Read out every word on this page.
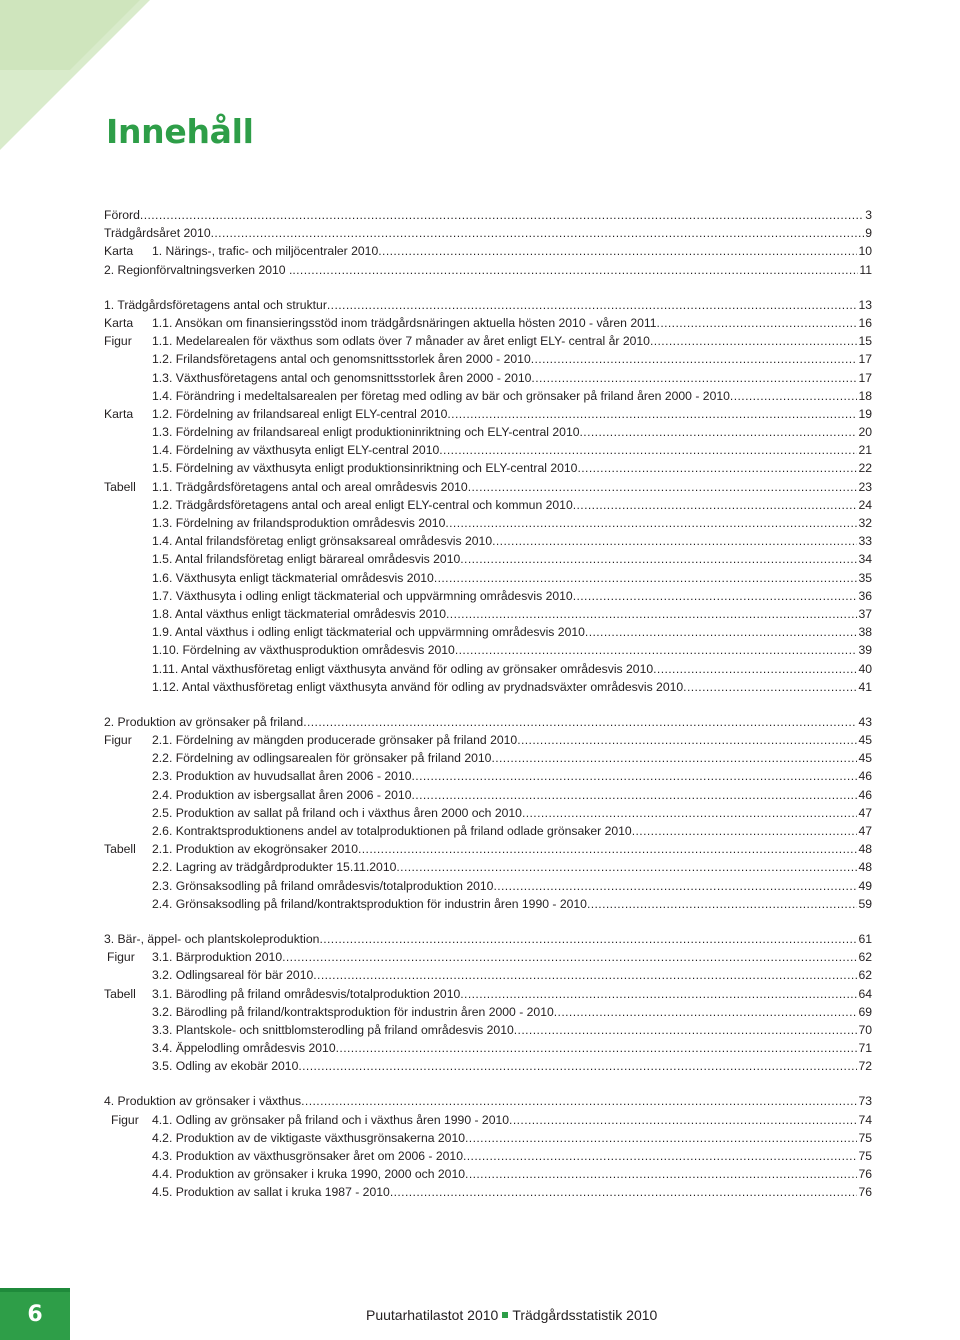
Innehåll
Förord .....	3
Trädgårdsåret 2010 .....	9
Karta 1. Närings-, trafic- och miljöcentraler 2010 .....	10
2. Regionförvaltningsverken 2010 . .....	11
1. Trädgårdsföretagens antal och struktur .....	13
Karta 1.1. Ansökan om finansieringsstöd inom trädgårdsnäringen aktuella hösten 2010 - våren 2011 .....	16
Figur 1.1. Medelarealen för växthus som odlats över 7 månader av året enligt ELY- central år 2010 .....	15
1.2. Frilandsföretagens antal och genomsnittsstorlek åren 2000 - 2010 .....	17
1.3. Växthusföretagens antal och genomsnittsstorlek åren 2000 - 2010 .....	17
1.4. Förändring i medeltalsarealen per företag med odling av bär och grönsaker på friland åren 2000 - 2010 .....	18
Karta 1.2. Fördelning av frilandsareal enligt ELY-central 2010 .....	19
1.3. Fördelning av frilandsareal enligt produktioninriktning och ELY-central 2010 .....	20
1.4. Fördelning av växthusyta enligt ELY-central 2010 .....	21
1.5. Fördelning av växthusyta enligt produktionsinriktning och ELY-central 2010 .....	22
Tabell 1.1. Trädgårdsföretagens antal och areal områdesvis 2010 .....	23
1.2. Trädgårdsföretagens antal och areal enligt ELY-central och kommun 2010 .....	24
1.3. Fördelning av frilandsproduktion områdesvis 2010 .....	32
1.4. Antal frilandsföretag enligt grönsaksareal områdesvis 2010 .....	33
1.5. Antal frilandsföretag enligt bärareal områdesvis 2010 .....	34
1.6. Växthusyta enligt täckmaterial områdesvis 2010 .....	35
1.7. Växthusyta i odling enligt täckmaterial och uppvärmning områdesvis 2010 .....	36
1.8. Antal växthus enligt täckmaterial områdesvis 2010 .....	37
1.9. Antal växthus i odling enligt täckmaterial och uppvärmning områdesvis 2010 .....	38
1.10. Fördelning av växthusproduktion områdesvis 2010 .....	39
1.11. Antal växthusföretag enligt växthusyta använd för odling av grönsaker områdesvis 2010 .....	40
1.12. Antal växthusföretag enligt växthusyta använd för odling av prydnadsväxter områdesvis 2010 .....	41
2. Produktion av grönsaker på friland .....	43
Figur 2.1. Fördelning av mängden producerade grönsaker på friland 2010 .....	45
2.2. Fördelning av odlingsarealen för grönsaker på friland 2010 .....	45
2.3. Produktion av huvudsallat åren 2006 - 2010 .....	46
2.4. Produktion av isbergsallat åren 2006 - 2010 .....	46
2.5. Produktion av sallat på friland och i växthus åren 2000 och 2010 .....	47
2.6. Kontraktsproduktionens andel av totalproduktionen på friland odlade grönsaker 2010 .....	47
Tabell 2.1. Produktion av ekogrönsaker 2010 .....	48
2.2. Lagring av trädgårdprodukter 15.11.2010 .....	48
2.3. Grönsaksodling på friland områdesvis/totalproduktion 2010 .....	49
2.4. Grönsaksodling på friland/kontraktsproduktion för industrin åren 1990 - 2010 .....	59
3. Bär-, äppel- och plantskoleproduktion .....	61
Figur 3.1. Bärproduktion 2010 .....	62
3.2. Odlingsareal för bär 2010 .....	62
Tabell 3.1. Bärodling på friland områdesvis/totalproduktion 2010 .....	64
3.2. Bärodling på friland/kontraktsproduktion för industrin åren 2000 - 2010 .....	69
3.3. Plantskole- och snittblomsterodling på friland områdesvis 2010 .....	70
3.4. Äppelodling områdesvis 2010 .....	71
3.5. Odling av ekobär 2010 .....	72
4. Produktion av grönsaker i växthus .....	73
Figur 4.1. Odling av grönsaker på friland och i växthus åren 1990 - 2010 .....	74
4.2. Produktion av de viktigaste växthusgrönsakerna 2010 .....	75
4.3. Produktion av växthusgrönsaker året om 2006 - 2010 .....	75
4.4. Produktion av grönsaker i kruka 1990, 2000 och 2010 .....	76
4.5. Produktion av sallat i kruka 1987 - 2010 .....	76
6	Puutarhatilastot 2010 Trädgårdsstatistik 2010
